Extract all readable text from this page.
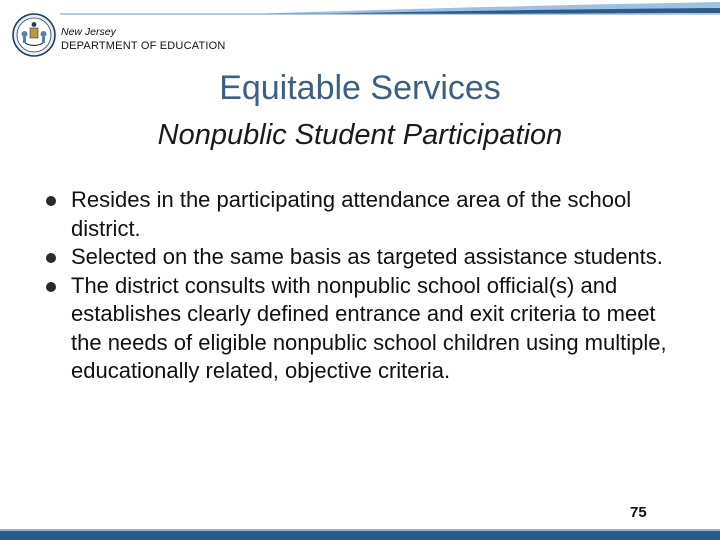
New Jersey
DEPARTMENT OF EDUCATION
Equitable Services
Nonpublic Student Participation
Resides in the participating attendance area of the school district.
Selected on the same basis as targeted assistance students.
The district consults with nonpublic school official(s) and establishes clearly defined entrance and exit criteria to meet the needs of eligible nonpublic school children using multiple, educationally related, objective criteria.
75
